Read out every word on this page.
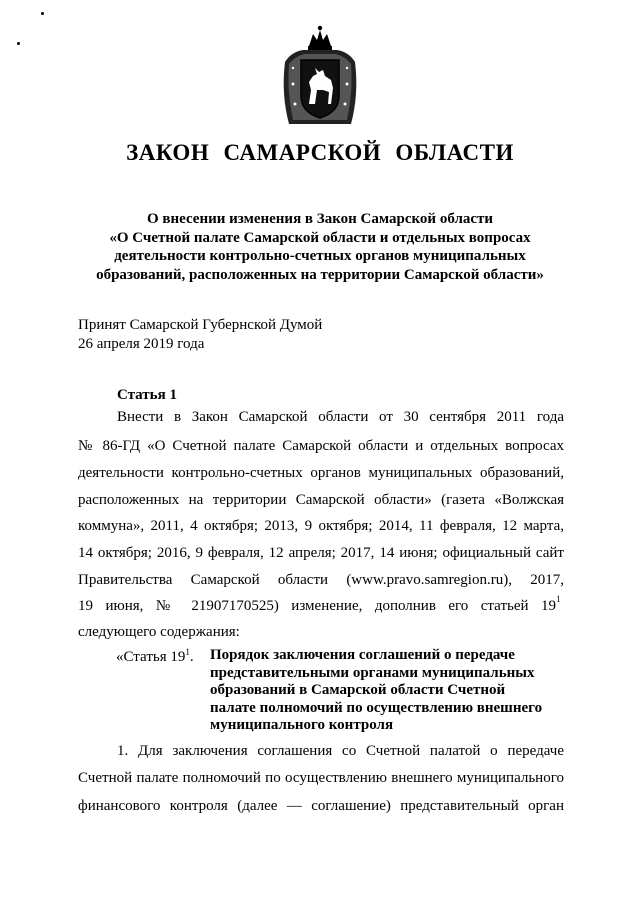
ЗАКОН САМАРСКОЙ ОБЛАСТИ
О внесении изменения в Закон Самарской области
«О Счетной палате Самарской области и отдельных вопросах
деятельности контрольно-счетных органов муниципальных
образований, расположенных на территории Самарской области»
Принят Самарской Губернской Думой
26 апреля 2019 года
Статья 1
Внести в Закон Самарской области от 30 сентября 2011 года
№ 86-ГД «О Счетной палате Самарской области и отдельных вопросах
деятельности контрольно-счетных органов муниципальных образований,
расположенных на территории Самарской области» (газета «Волжская
коммуна», 2011, 4 октября; 2013, 9 октября; 2014, 11 февраля, 12 марта,
14 октября; 2016, 9 февраля, 12 апреля; 2017, 14 июня; официальный сайт
Правительства Самарской области (www.pravo.samregion.ru), 2017,
19 июня, № 21907170525) изменение, дополнив его статьей 19 1
следующего содержания:
«Статья $19^1$. Порядок заключения соглашений о передаче
представительными органами муниципальных
образований в Самарской области Счетной
палате полномочий по осуществлению внешнего
муниципального контроля
1. Для заключения соглашения со Счетной палатой о передаче
Счетной палате полномочий по осуществлению внешнего муниципального
финансового контроля (далее — соглашение) представительный орган
